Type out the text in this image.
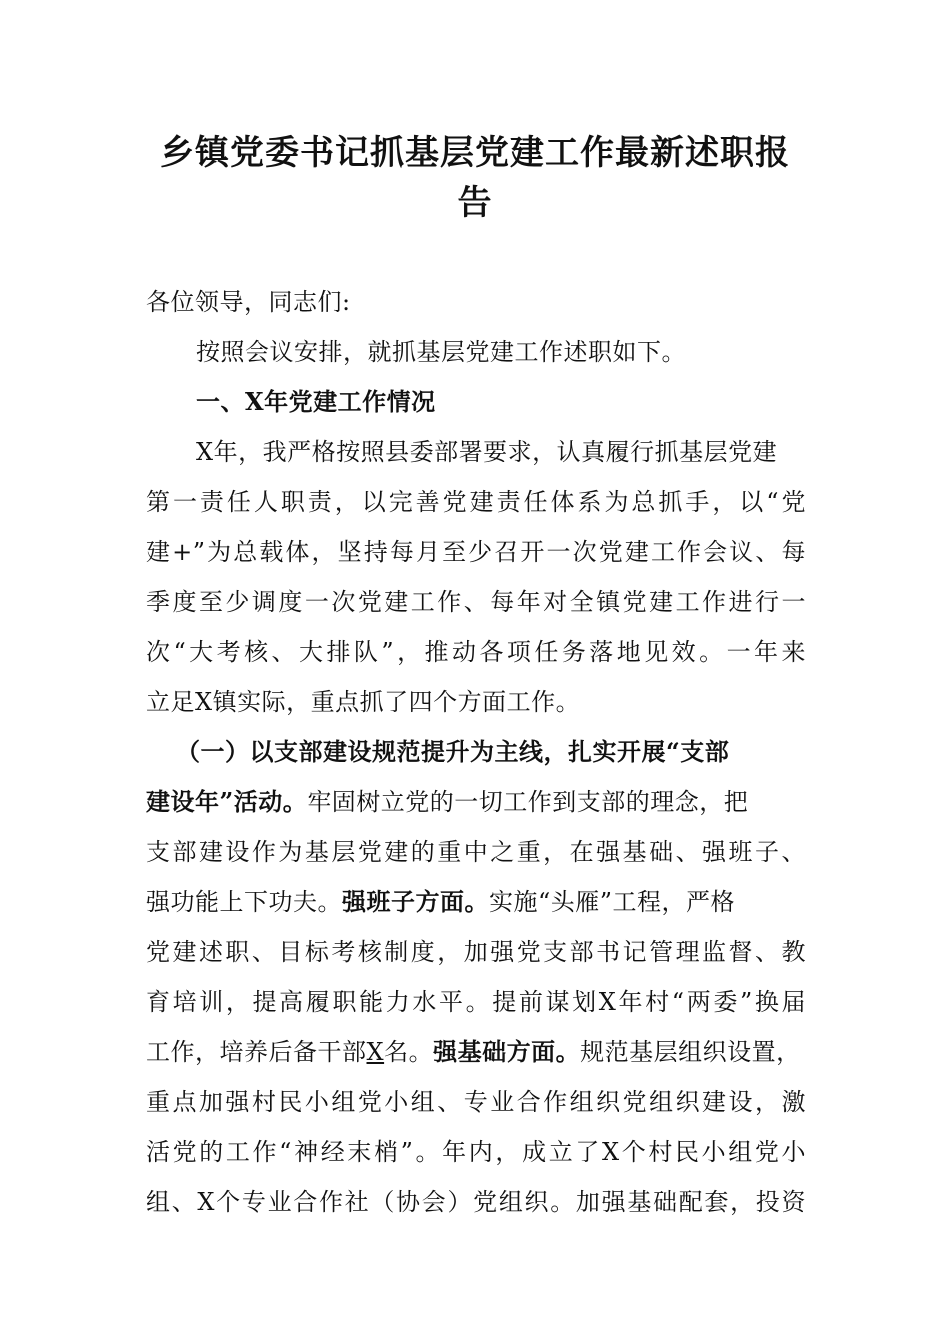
乡镇党委书记抓基层党建工作最新述职报
告
各位领导，同志们:
按照会议安排，就抓基层党建工作述职如下。
一、X年党建工作情况
X年，我严格按照县委部署要求，认真履行抓基层党建
第一责任人职责，以完善党建责任体系为总抓手，以“党
建+”为总载体，坚持每月至少召开一次党建工作会议、每
季度至少调度一次党建工作、每年对全镇党建工作进行一
次“大考核、大排队”，推动各项任务落地见效。一年来
立足X镇实际，重点抓了四个方面工作。
（一）以支部建设规范提升为主线，扎实开展“支部
建设年”活动。牢固树立党的一切工作到支部的理念，把
支部建设作为基层党建的重中之重，在强基础、强班子、
强功能上下功夫。强班子方面。实施“头雁”工程，严格
党建述职、目标考核制度，加强党支部书记管理监督、教
育培训，提高履职能力水平。提前谋划X年村“两委”换届
工作，培养后备干部X名。强基础方面。规范基层组织设置，
重点加强村民小组党小组、专业合作组织党组织建设，激
活党的工作“神经末梢”。年内，成立了X个村民小组党小
组、X个专业合作社（协会）党组织。加强基础配套，投资
